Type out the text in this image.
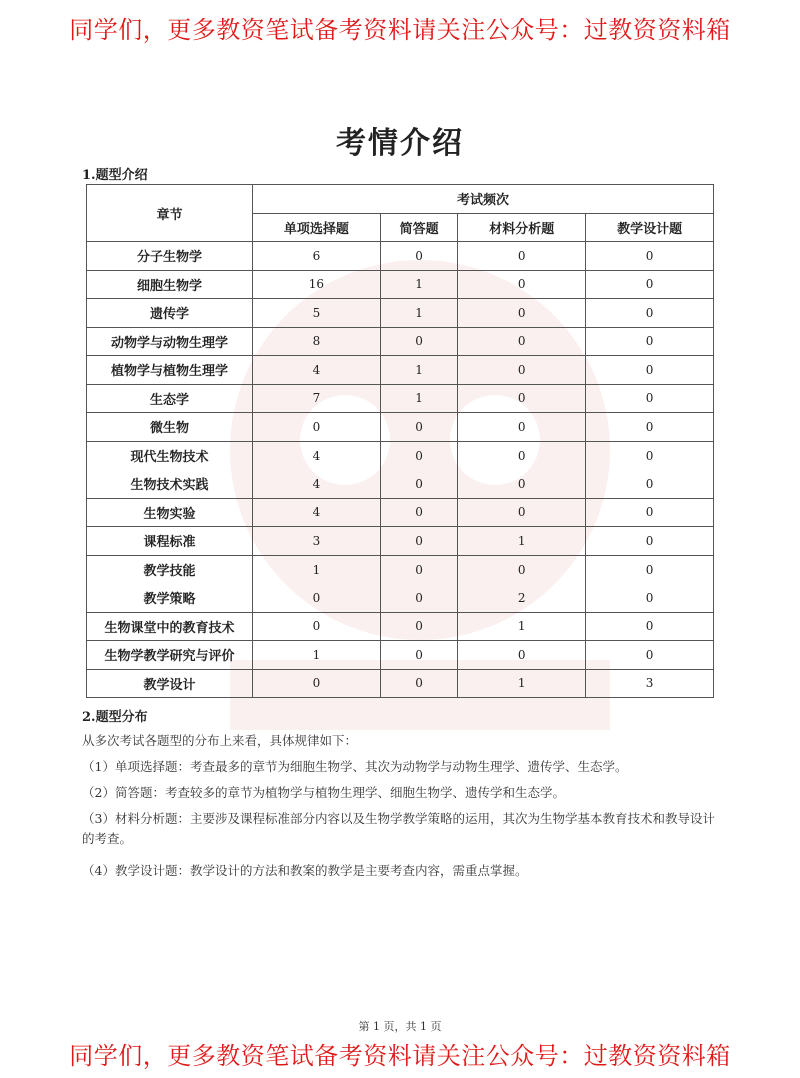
同学们，更多教资笔试备考资料请关注公众号：过教资资料箱
考情介绍
1.题型介绍
章节	考试频次			
	单项选择题	简答题	材料分析题	教学设计题
分子生物学	6	0	0	0
细胞生物学	16	1	0	0
遗传学	5	1	0	0
动物学与动物生理学	8	0	0	0
植物学与植物生理学	4	1	0	0
生态学	7	1	0	0
微生物	0	0	0	0
现代生物技术	4	0	0	0
生物技术实践	4	0	0	0
生物实验	4	0	0	0
课程标准	3	0	1	0
教学技能	1	0	0	0
教学策略	0	0	2	0
生物课堂中的教育技术	0	0	1	0
生物学教学研究与评价	1	0	0	0
教学设计	0	0	1	3
2.题型分布
从多次考试各题型的分布上来看，具体规律如下：
（1）单项选择题：考查最多的章节为细胞生物学、其次为动物学与动物生理学、遗传学、生态学。
（2）简答题：考查较多的章节为植物学与植物生理学、细胞生物学、遗传学和生态学。
（3）材料分析题：主要涉及课程标准部分内容以及生物学教学策略的运用，其次为生物学基本教育技术和教导设计的考查。
（4）教学设计题：教学设计的方法和教案的教学是主要考查内容，需重点掌握。
第 1 页，共 1 页
同学们，更多教资笔试备考资料请关注公众号：过教资资料箱
